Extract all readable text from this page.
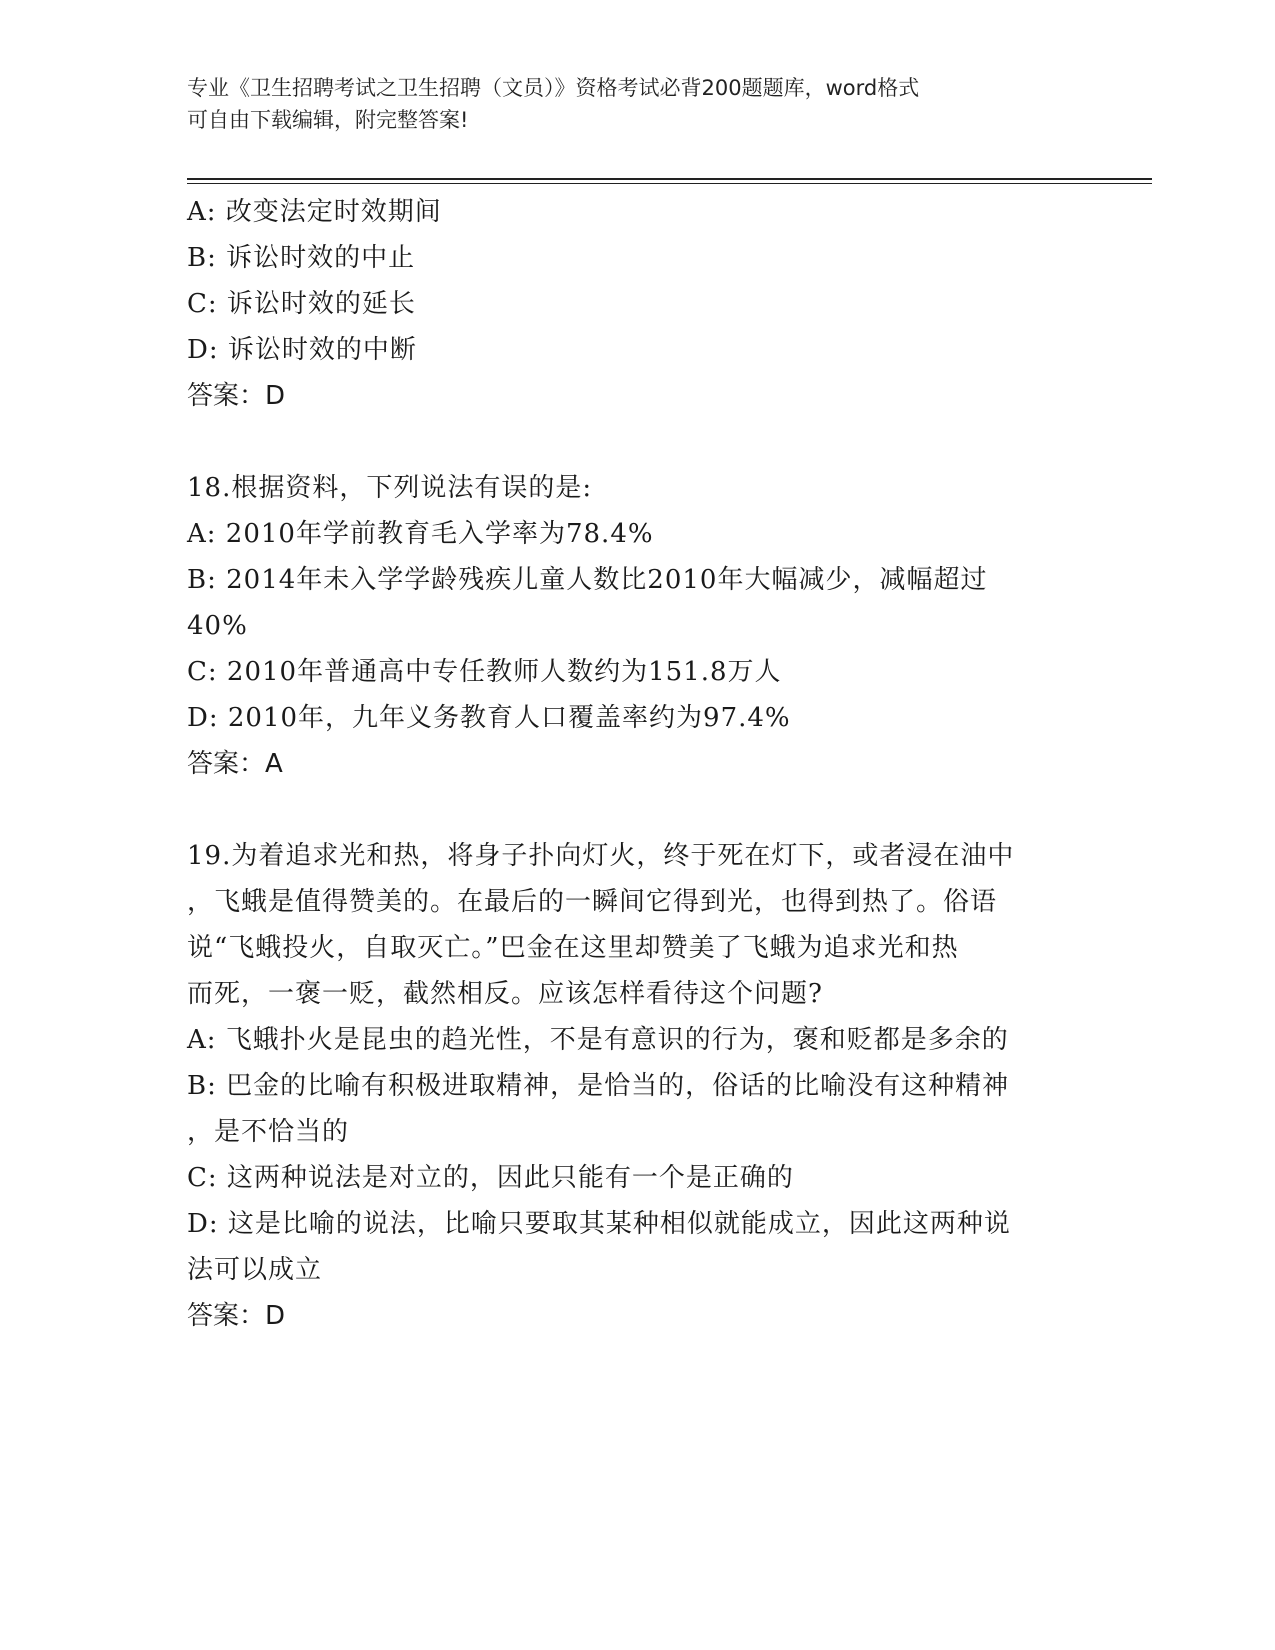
专业《卫生招聘考试之卫生招聘（文员）》资格考试必背200题题库，word格式
可自由下载编辑，附完整答案!
A: 改变法定时效期间
B: 诉讼时效的中止
C: 诉讼时效的延长
D: 诉讼时效的中断
答案：D
18.根据资料，下列说法有误的是:
A: 2010年学前教育毛入学率为78.4%
B: 2014年未入学学龄残疾儿童人数比2010年大幅减少，减幅超过
40%
C: 2010年普通高中专任教师人数约为151.8万人
D: 2010年，九年义务教育人口覆盖率约为97.4%
答案：A
19.为着追求光和热，将身子扑向灯火，终于死在灯下，或者浸在油中
，飞蛾是值得赞美的。在最后的一瞬间它得到光，也得到热了。俗语
说“飞蛾投火，自取灭亡。”巴金在这里却赞美了飞蛾为追求光和热
而死，一褒一贬，截然相反。应该怎样看待这个问题?
A: 飞蛾扑火是昆虫的趋光性，不是有意识的行为，褒和贬都是多余的
B: 巴金的比喻有积极进取精神，是恰当的，俗话的比喻没有这种精神
，是不恰当的
C: 这两种说法是对立的，因此只能有一个是正确的
D: 这是比喻的说法，比喻只要取其某种相似就能成立，因此这两种说
法可以成立
答案：D
